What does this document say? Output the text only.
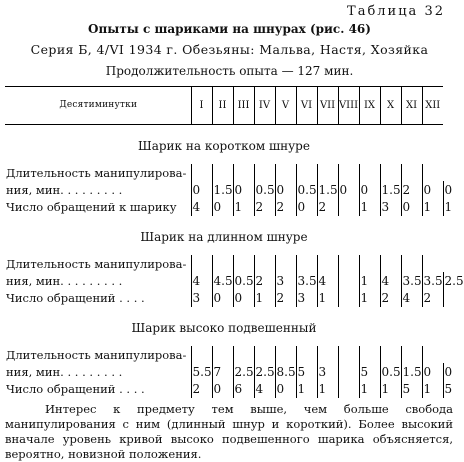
Таблица 32
Опыты с шариками на шнурах (рис. 46)
Серия Б, 4/VI 1934 г. Обезьяны: Мальва, Настя, Хозяйка
Продолжительность опыта — 127 мин.
Десятиминутки	I	II	III	IV	V	VI	VII	VIII	IX	X	XI	XII	
Шарик на коротком шнуре													

Длительность манипулирова-													
ния, мин. . . . . . . . .	0	1.5	0	0.5	0	0.5	1.5	0	0	1.5	2	0	0
Число обращений к шарику	4	0	1	2	2	0	2		1	3	0	1	1
Шарик на длинном шнуре													

Длительность манипулирова-													
ния, мин. . . . . . . . .	4	4.5	0.5	2	3	3.5	4		1	4	3.5	3.5	2.5
Число обращений . . . .	3	0	0	1	2	3	1		1	2	4	2	
Шарик высоко подвешенный													

Длительность манипулирова-													
ния, мин. . . . . . . . .	5.5	7	2.5	2.5	8.5	5	3		5	0.5	1.5	0	0
Число обращений . . . .	2	0	6	4	0	1	1		1	1	5	1	5
Интерес к предмету тем выше, чем больше свобода манипулирования с ним (длинный шнур и короткий). Более высокий вначале уровень кривой высоко подвешенного шарика объясняется, вероятно, новизной положения.
